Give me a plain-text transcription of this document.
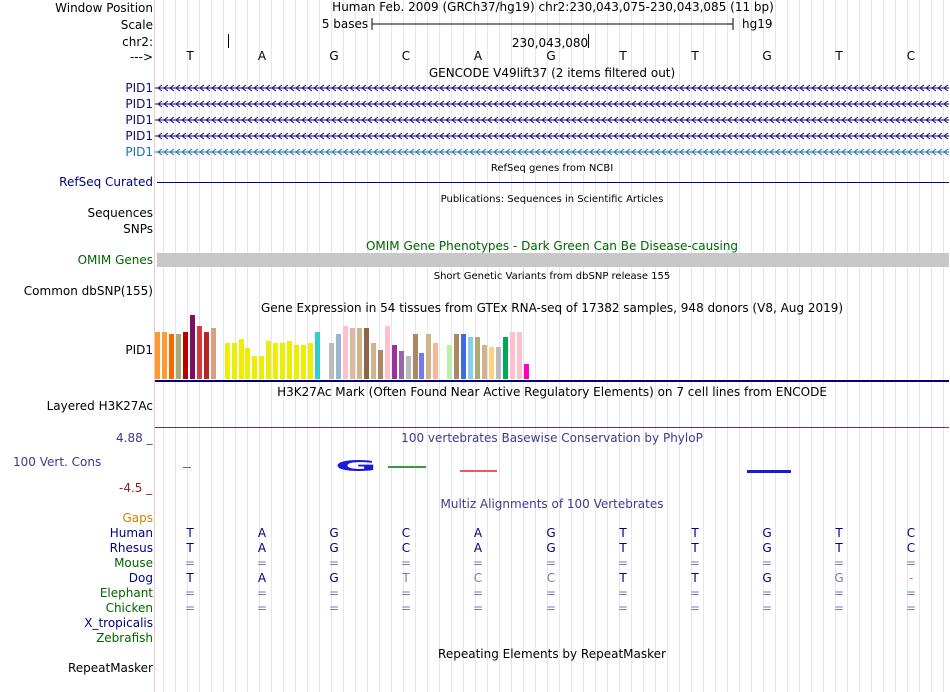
Window Position
Scale
chr2:
--->
Human Feb. 2009 (GRCh37/hg19) chr2:230,043,075-230,043,085 (11 bp)
5 bases	hg19
230,043,080
T	A	G	C	A	G	T	T	G	T	C
GENCODE V49lift37 (2 items filtered out)
PID1
PID1
PID1
PID1
PID1
RefSeq genes from NCBI
RefSeq Curated
Publications: Sequences in Scientific Articles
Sequences
SNPs
OMIM Gene Phenotypes - Dark Green Can Be Disease-causing
OMIM Genes
Short Genetic Variants from dbSNP release 155
Common dbSNP(155)
Gene Expression in 54 tissues from GTEx RNA-seq of 17382 samples, 948 donors (V8, Aug 2019)
PID1
H3K27Ac Mark (Often Found Near Active Regulatory Elements) on 7 cell lines from ENCODE
Layered H3K27Ac
100 vertebrates Basewise Conservation by PhyloP
4.88 _
100 Vert. Cons
-4.5 _
G
Multiz Alignments of 100 Vertebrates
Gaps
Human	T	A	G	C	A	G	T	T	G	T	C
Rhesus	T	A	G	C	A	G	T	T	G	T	C
Mouse	=	=	=	=	=	=	=	=	=	=	=
Dog	T	A	G	T	C	C	T	T	G	G	-
Elephant	=	=	=	=	=	=	=	=	=	=	=
Chicken	=	=	=	=	=	=	=	=	=	=	=
X_tropicalis
Zebrafish
Repeating Elements by RepeatMasker
RepeatMasker
